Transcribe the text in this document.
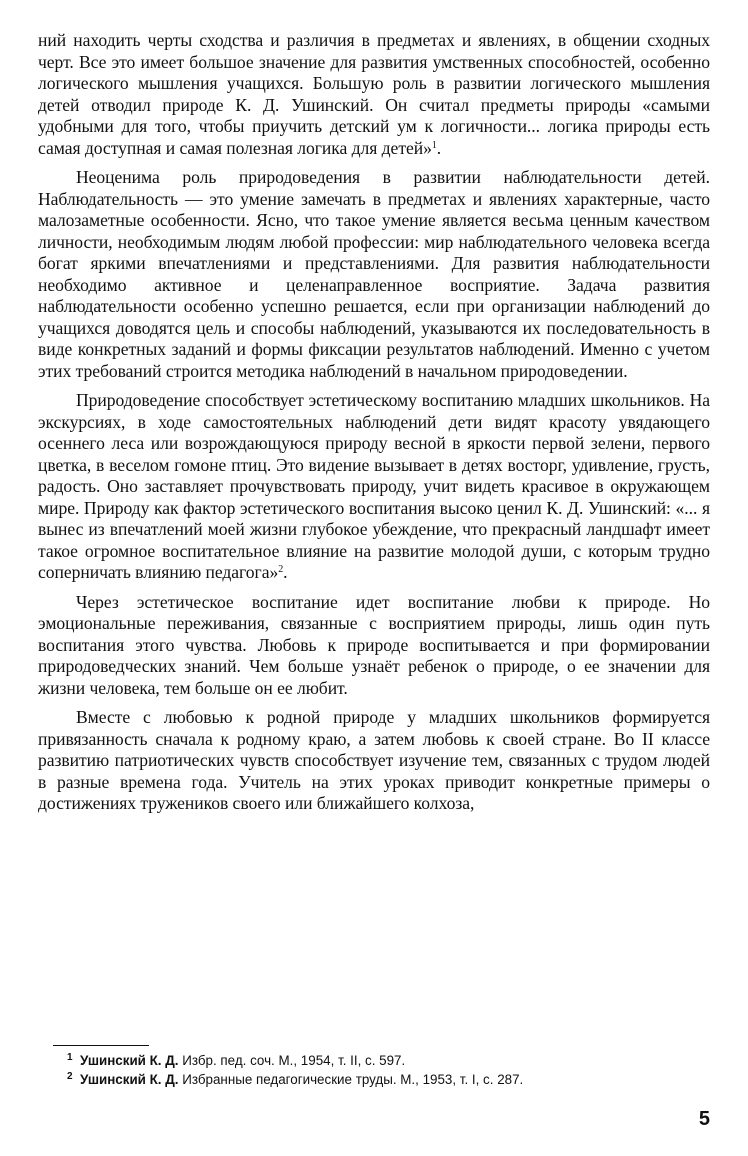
ний находить черты сходства и различия в предметах и явлениях, в общении сходных черт. Все это имеет большое значение для развития умственных способностей, особенно логического мышления учащихся. Большую роль в развитии логического мышления детей отводил природе К. Д. Ушинский. Он считал предметы природы «самыми удобными для того, чтобы приучить детский ум к логичности... логика природы есть самая доступная и самая полезная логика для детей»$^1$.

Неоценима роль природоведения в развитии наблюдательности детей. Наблюдательность — это умение замечать в предметах и явлениях характерные, часто малозаметные особенности. Ясно, что такое умение является весьма ценным качеством личности, необходимым людям любой профессии: мир наблюдательного человека всегда богат яркими впечатлениями и представлениями. Для развития наблюдательности необходимо активное и целенаправленное восприятие. Задача развития наблюдательности особенно успешно решается, если при организации наблюдений до учащихся доводятся цель и способы наблюдений, указываются их последовательность в виде конкретных заданий и формы фиксации результатов наблюдений. Именно с учетом этих требований строится методика наблюдений в начальном природоведении.

Природоведение способствует эстетическому воспитанию младших школьников. На экскурсиях, в ходе самостоятельных наблюдений дети видят красоту увядающего осеннего леса или возрождающуюся природу весной в яркости первой зелени, первого цветка, в веселом гомоне птиц. Это видение вызывает в детях восторг, удивление, грусть, радость. Оно заставляет прочувствовать природу, учит видеть красивое в окружающем мире. Природу как фактор эстетического воспитания высоко ценил К. Д. Ушинский: «... я вынес из впечатлений моей жизни глубокое убеждение, что прекрасный ландшафт имеет такое огромное воспитательное влияние на развитие молодой души, с которым трудно соперничать влиянию педагога»$^2$.

Через эстетическое воспитание идет воспитание любви к природе. Но эмоциональные переживания, связанные с восприятием природы, лишь один путь воспитания этого чувства. Любовь к природе воспитывается и при формировании природоведческих знаний. Чем больше узнаёт ребенок о природе, о ее значении для жизни человека, тем больше он ее любит.

Вместе с любовью к родной природе у младших школьников формируется привязанность сначала к родному краю, а затем любовь к своей стране. Во II классе развитию патриотических чувств способствует изучение тем, связанных с трудом людей в разные времена года. Учитель на этих уроках приводит конкретные примеры о достижениях тружеников своего или ближайшего колхоза,

1 Ушинский К. Д. Избр. пед. соч. М., 1954, т. II, с. 597.

2 Ушинский К. Д. Избранные педагогические труды. М., 1953, т. I, с. 287.

5
